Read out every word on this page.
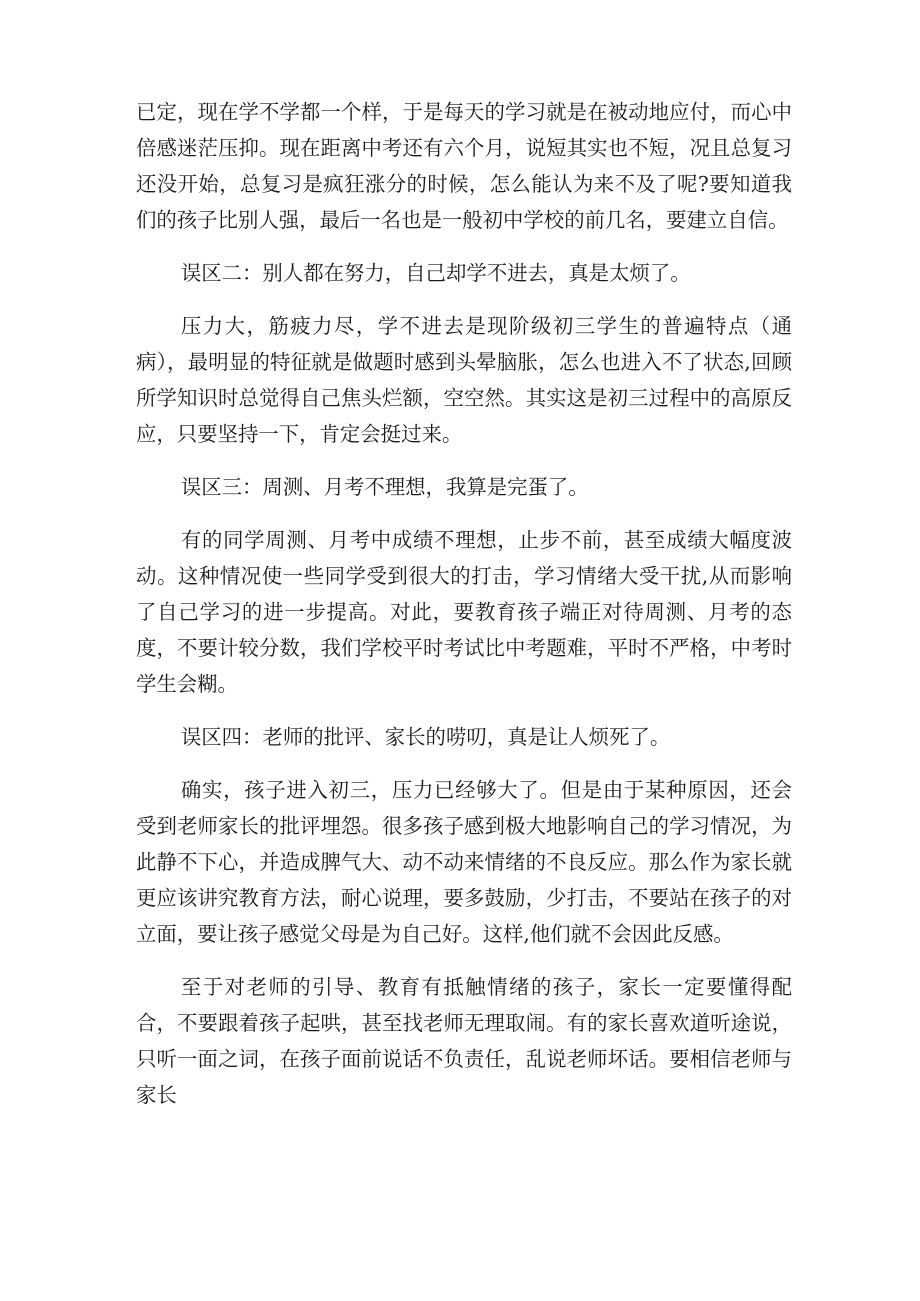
已定，现在学不学都一个样，于是每天的学习就是在被动地应付，而心中倍感迷茫压抑。现在距离中考还有六个月，说短其实也不短，况且总复习还没开始，总复习是疯狂涨分的时候，怎么能认为来不及了呢?要知道我们的孩子比别人强，最后一名也是一般初中学校的前几名，要建立自信。

误区二：别人都在努力，自己却学不进去，真是太烦了。

压力大，筋疲力尽，学不进去是现阶级初三学生的普遍特点（通病），最明显的特征就是做题时感到头晕脑胀，怎么也进入不了状态,回顾所学知识时总觉得自己焦头烂额，空空然。其实这是初三过程中的高原反应，只要坚持一下，肯定会挺过来。

误区三：周测、月考不理想，我算是完蛋了。

有的同学周测、月考中成绩不理想，止步不前，甚至成绩大幅度波动。这种情况使一些同学受到很大的打击，学习情绪大受干扰,从而影响了自己学习的进一步提高。对此，要教育孩子端正对待周测、月考的态度，不要计较分数，我们学校平时考试比中考题难，平时不严格，中考时学生会糊。

误区四：老师的批评、家长的唠叨，真是让人烦死了。

确实，孩子进入初三，压力已经够大了。但是由于某种原因，还会受到老师家长的批评埋怨。很多孩子感到极大地影响自己的学习情况，为此静不下心，并造成脾气大、动不动来情绪的不良反应。那么作为家长就更应该讲究教育方法，耐心说理，要多鼓励，少打击，不要站在孩子的对立面，要让孩子感觉父母是为自己好。这样,他们就不会因此反感。

至于对老师的引导、教育有抵触情绪的孩子，家长一定要懂得配合，不要跟着孩子起哄，甚至找老师无理取闹。有的家长喜欢道听途说，只听一面之词，在孩子面前说话不负责任，乱说老师坏话。要相信老师与家长
